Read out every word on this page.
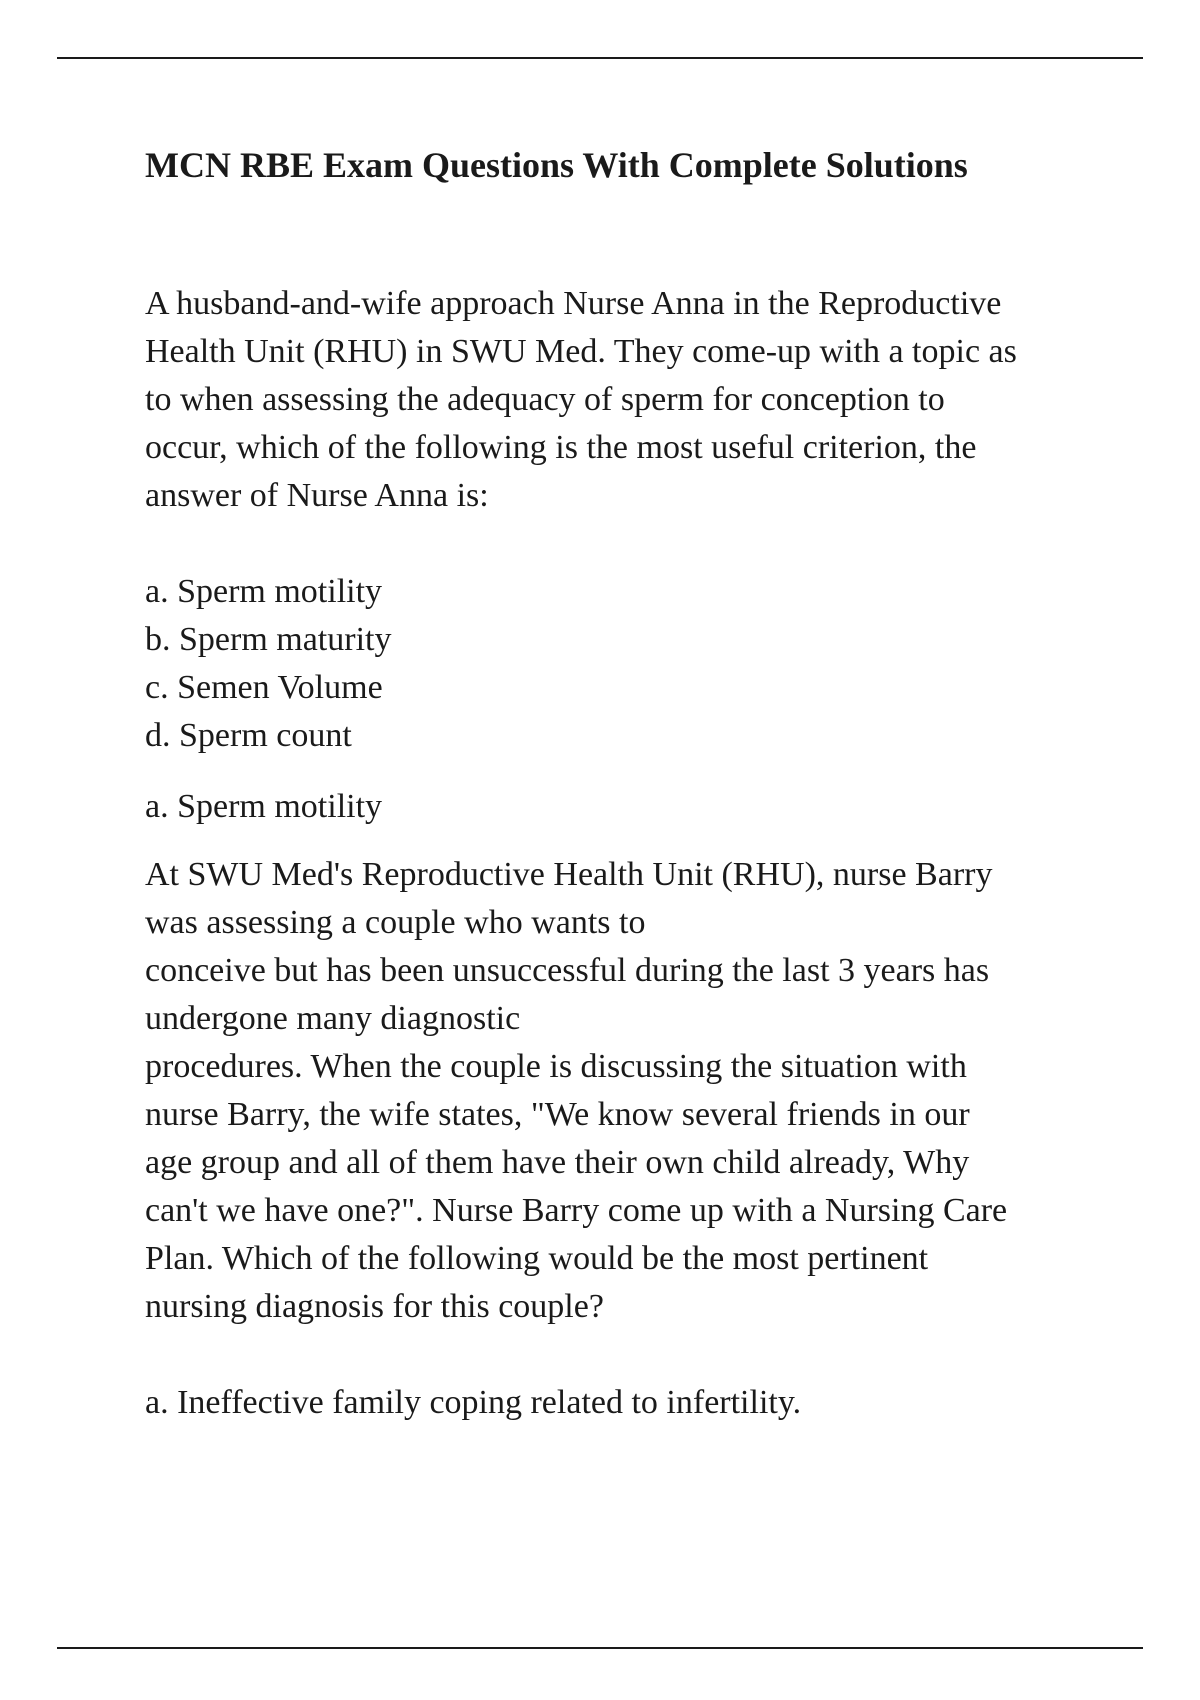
MCN RBE Exam Questions With Complete Solutions

A husband-and-wife approach Nurse Anna in the Reproductive
Health Unit (RHU) in SWU Med. They come-up with a topic as
to when assessing the adequacy of sperm for conception to
occur, which of the following is the most useful criterion, the
answer of Nurse Anna is:

a. Sperm motility
b. Sperm maturity
c. Semen Volume
d. Sperm count

a. Sperm motility

At SWU Med's Reproductive Health Unit (RHU), nurse Barry
was assessing a couple who wants to
conceive but has been unsuccessful during the last 3 years has
undergone many diagnostic
procedures. When the couple is discussing the situation with
nurse Barry, the wife states, "We know several friends in our
age group and all of them have their own child already, Why
can't we have one?". Nurse Barry come up with a Nursing Care
Plan. Which of the following would be the most pertinent
nursing diagnosis for this couple?

a. Ineffective family coping related to infertility.
